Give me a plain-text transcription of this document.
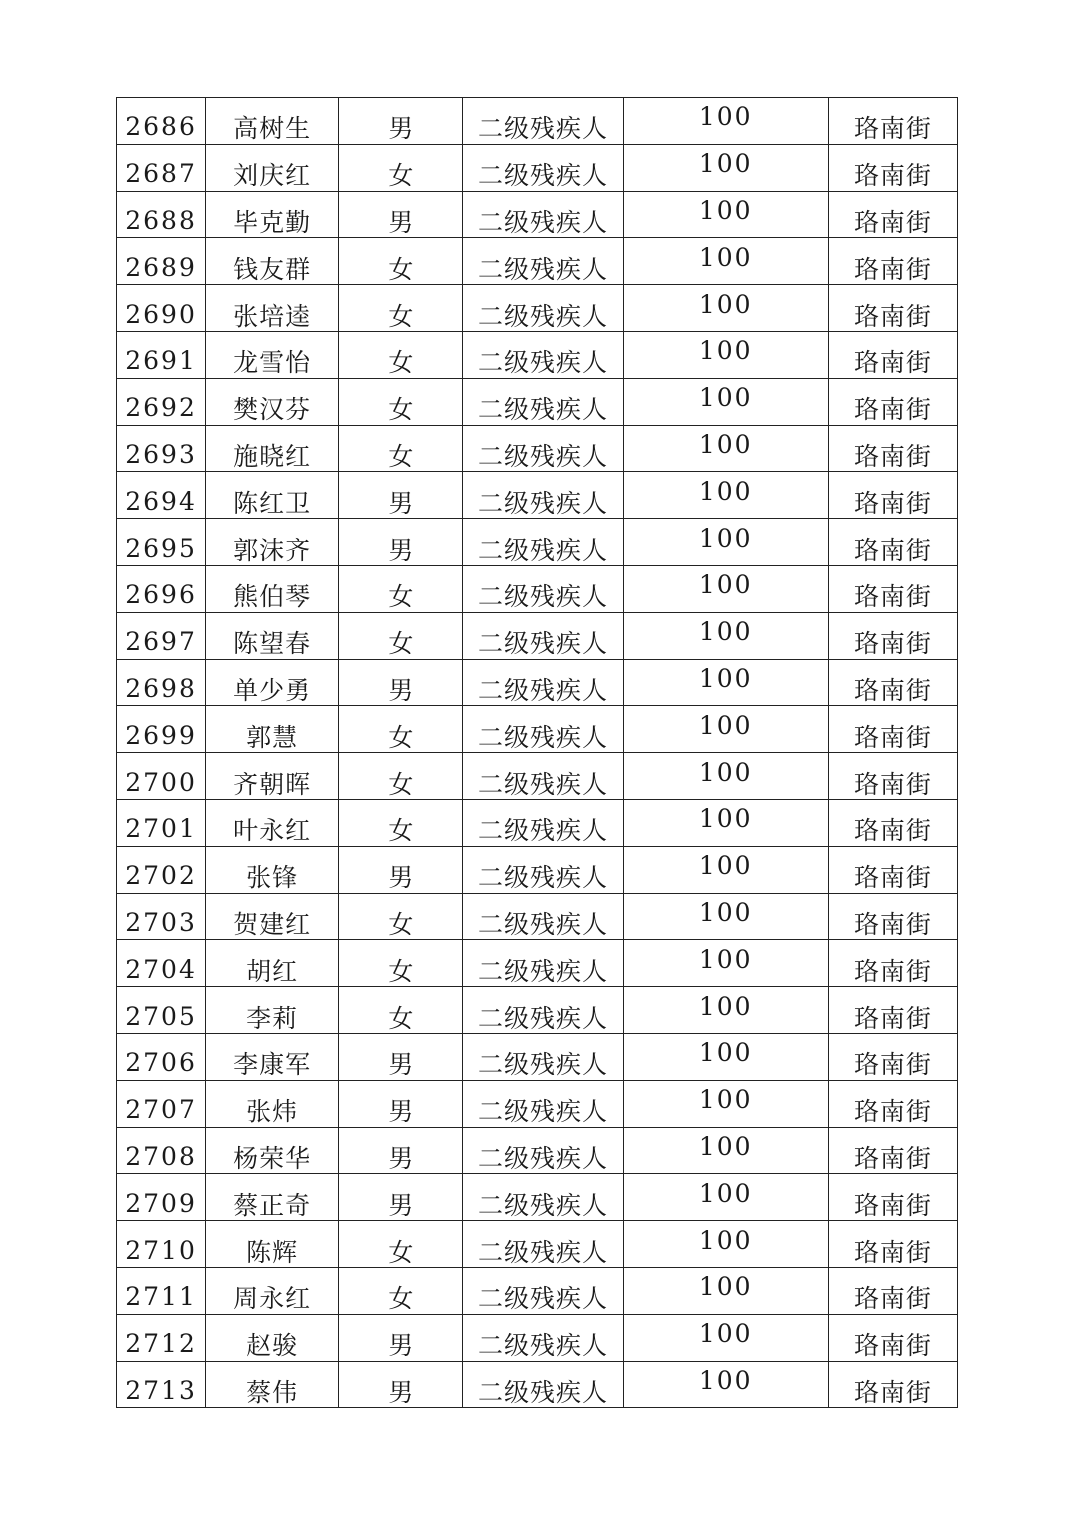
2686	高树生	男	二级残疾人	100	珞南街
2687	刘庆红	女	二级残疾人	100	珞南街
2688	毕克勤	男	二级残疾人	100	珞南街
2689	钱友群	女	二级残疾人	100	珞南街
2690	张培逵	女	二级残疾人	100	珞南街
2691	龙雪怡	女	二级残疾人	100	珞南街
2692	樊汉芬	女	二级残疾人	100	珞南街
2693	施晓红	女	二级残疾人	100	珞南街
2694	陈红卫	男	二级残疾人	100	珞南街
2695	郭沫齐	男	二级残疾人	100	珞南街
2696	熊伯琴	女	二级残疾人	100	珞南街
2697	陈望春	女	二级残疾人	100	珞南街
2698	单少勇	男	二级残疾人	100	珞南街
2699	郭慧	女	二级残疾人	100	珞南街
2700	齐朝晖	女	二级残疾人	100	珞南街
2701	叶永红	女	二级残疾人	100	珞南街
2702	张锋	男	二级残疾人	100	珞南街
2703	贺建红	女	二级残疾人	100	珞南街
2704	胡红	女	二级残疾人	100	珞南街
2705	李莉	女	二级残疾人	100	珞南街
2706	李康军	男	二级残疾人	100	珞南街
2707	张炜	男	二级残疾人	100	珞南街
2708	杨荣华	男	二级残疾人	100	珞南街
2709	蔡正奇	男	二级残疾人	100	珞南街
2710	陈辉	女	二级残疾人	100	珞南街
2711	周永红	女	二级残疾人	100	珞南街
2712	赵骏	男	二级残疾人	100	珞南街
2713	蔡伟	男	二级残疾人	100	珞南街
